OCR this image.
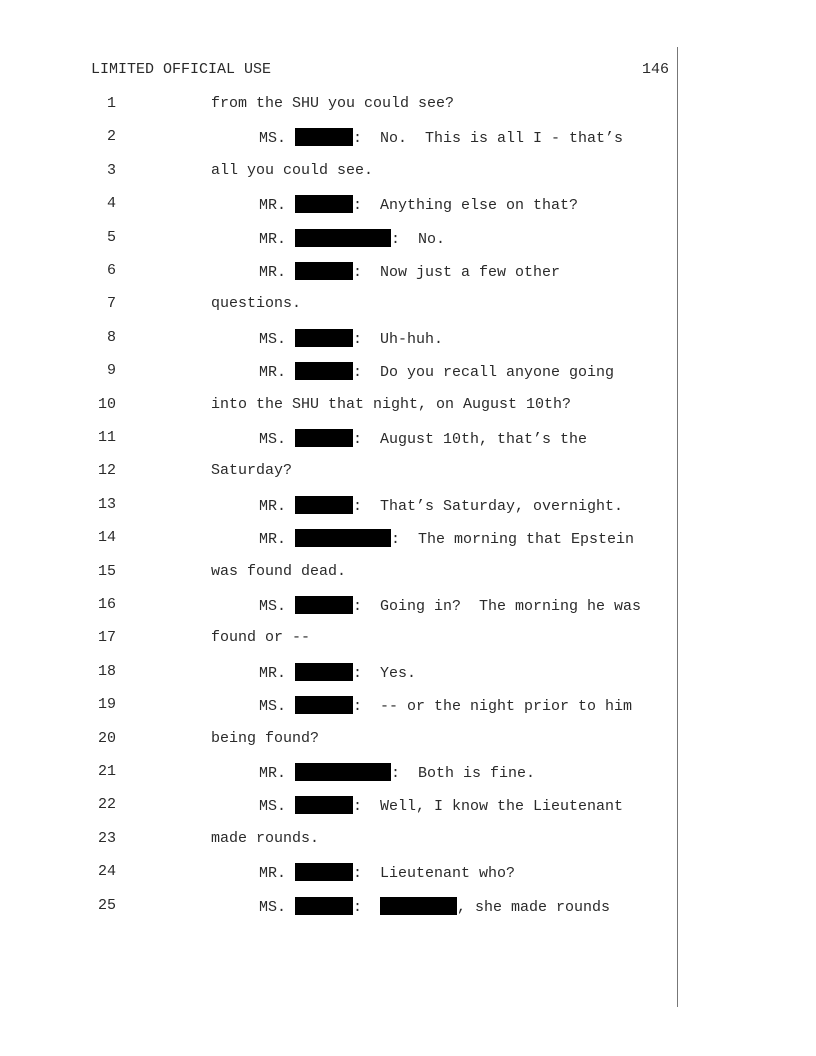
LIMITED OFFICIAL USE	146
1	from the SHU you could see?
2	MS.	:  No.  This is all I - that’s
3	all you could see.
4	MR.	:  Anything else on that?
5	MR.	:  No.
6	MR.	:  Now just a few other
7	questions.
8	MS.	:  Uh-huh.
9	MR.	:  Do you recall anyone going
10	into the SHU that night, on August 10th?
11	MS.	:  August 10th, that’s the
12	Saturday?
13	MR.	:  That’s Saturday, overnight.
14	MR.	:  The morning that Epstein
15	was found dead.
16	MS.	:  Going in?  The morning he was
17	found or --
18	MR.	:  Yes.
19	MS.	:  -- or the night prior to him
20	being found?
21	MR.	:  Both is fine.
22	MS.	:  Well, I know the Lieutenant
23	made rounds.
24	MR.	:  Lieutenant who?
25	MS.	:	, she made rounds
